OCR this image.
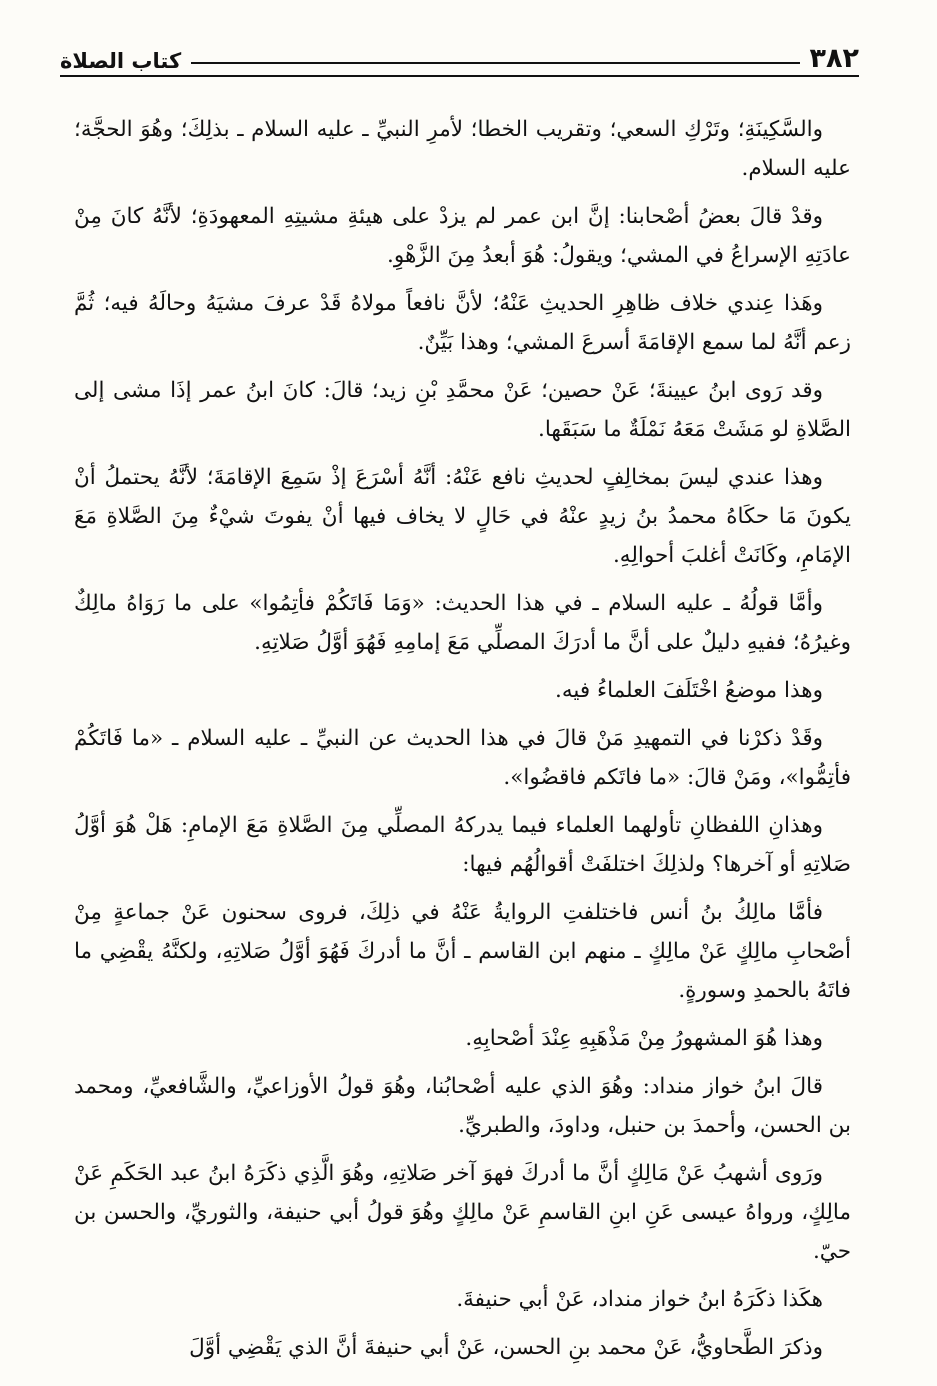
٣٨٢
كتاب الصلاة

والسَّكِينَةِ؛ وتَرْكِ السعي؛ وتقريب الخطا؛ لأمرِ النبيِّ ـ عليه السلام ـ بذلِكَ؛ وهُوَ الحجَّة؛ عليه السلام.

وقدْ قالَ بعضُ أصْحابنا: إنَّ ابن عمر لم يزدْ على هيئةِ مشيتِهِ المعهودَةِ؛ لأنَّهُ كانَ مِنْ عادَتِهِ الإسراعُ في المشي؛ ويقولُ: هُوَ أبعدُ مِنَ الزَّهْوِ.

وهَذا عِندي خلاف ظاهِرِ الحديثِ عَنْهُ؛ لأنَّ نافعاً مولاهُ قَدْ عرفَ مشيَهُ وحالَهُ فيه؛ ثُمَّ زعم أنَّهُ لما سمع الإقامَةَ أسرعَ المشي؛ وهذا بَيِّنٌ.

وقد رَوى ابنُ عيينةَ؛ عَنْ حصين؛ عَنْ محمَّدِ بْنِ زيد؛ قالَ: كانَ ابنُ عمر إذَا مشى إلى الصَّلاةِ لو مَشَتْ مَعَهُ نَمْلَةٌ ما سَبَقَها.

وهذا عندي ليسَ بمخالِفٍ لحديثِ نافع عَنْهُ: أنَّهُ أسْرَعَ إذْ سَمِعَ الإقامَةَ؛ لأنَّهُ يحتملُ أنْ يكونَ مَا حكَاهُ محمدُ بنُ زيدٍ عنْهُ في حَالٍ لا يخاف فيها أنْ يفوتَ شيْءٌ مِنَ الصَّلاةِ مَعَ الإمَامِ، وكَانَتْ أغلبَ أحوالِهِ.

وأمَّا قولُهُ ـ عليه السلام ـ في هذا الحديث: «وَمَا فَاتَكُمْ فأتِمُوا» على ما رَوَاهُ مالِكٌ وغيرُهُ؛ ففيهِ دليلٌ على أنَّ ما أدرَكَ المصلِّي مَعَ إمامِهِ فَهُوَ أوَّلُ صَلاتِهِ.

وهذا موضعُ اخْتَلَفَ العلماءُ فيه.

وقَدْ ذكرْنا في التمهيدِ مَنْ قالَ في هذا الحديث عن النبيِّ ـ عليه السلام ـ «ما فَاتَكُمْ فأتِمُّوا»، ومَنْ قالَ: «ما فاتَكم فاقضُوا».

وهذانِ اللفظانِ تأولهما العلماء فيما يدركهُ المصلِّي مِنَ الصَّلاةِ مَعَ الإمامِ: هَلْ هُوَ أوَّلُ صَلاتِهِ أو آخرها؟ ولذلِكَ اختلفَتْ أقوالُهُم فيها:

فأمَّا مالِكُ بنُ أنس فاختلفتِ الروايةُ عَنْهُ في ذلِكَ، فروى سحنون عَنْ جماعةٍ مِنْ أصْحابِ مالِكٍ عَنْ مالِكٍ ـ منهم ابن القاسم ـ أنَّ ما أدركَ فَهُوَ أوَّلُ صَلاتِهِ، ولكنَّهُ يقْضِي ما فاتَهُ بالحمدِ وسورةٍ.

وهذا هُوَ المشهورُ مِنْ مَذْهَبِهِ عِنْدَ أصْحابِهِ.

قالَ ابنُ خواز منداد: وهُوَ الذي عليه أصْحابُنا، وهُوَ قولُ الأوزاعيِّ، والشَّافعيِّ، ومحمد بن الحسن، وأحمدَ بن حنبل، وداودَ، والطبريِّ.

ورَوى أشهبُ عَنْ مَالِكٍ أنَّ ما أدركَ فهوَ آخر صَلاتِهِ، وهُوَ الَّذِي ذكَرَهُ ابنُ عبد الحَكَمِ عَنْ مالِكٍ، ورواهُ عيسى عَنِ ابنِ القاسمِ عَنْ مالِكٍ وهُوَ قولُ أبي حنيفة، والثوريِّ، والحسن بن حيّ.

هكَذا ذكَرَهُ ابنُ خواز منداد، عَنْ أبي حنيفةَ.

وذكرَ الطَّحاويُّ، عَنْ محمد بنِ الحسن، عَنْ أبي حنيفةَ أنَّ الذي يَقْضِي أوَّلَ
